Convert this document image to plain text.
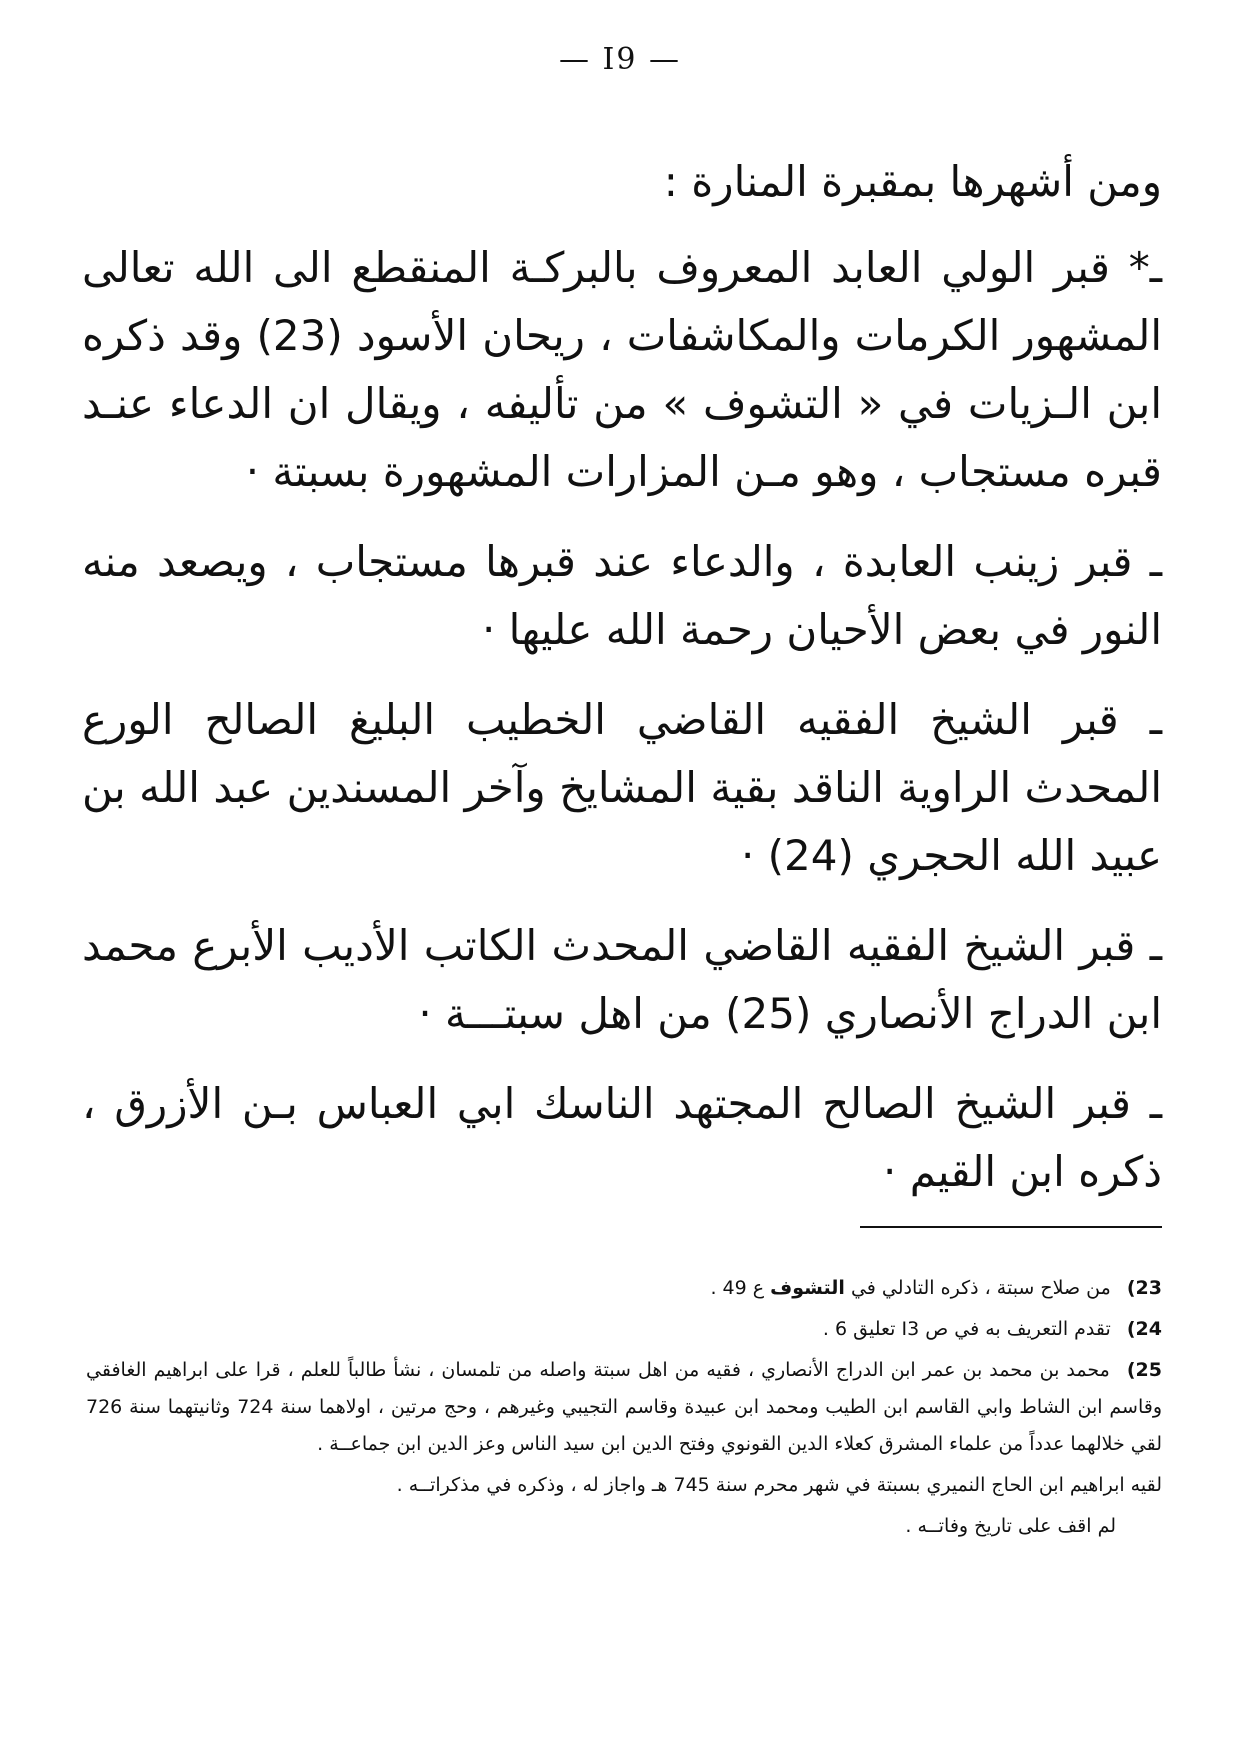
— I9 —

ومن أشهرها بمقبرة المنارة :

ـ* قبر الولي العابد المعروف بالبركـة المنقطع الى الله تعالى المشهور الكرمات والمكاشفات ، ريحان الأسود (23) وقد ذكره ابن الـزيات في « التشوف » من تأليفه ، ويقال ان الدعاء عنـد قبره مستجاب ، وهو مـن المزارات المشهورة بسبتة ·

ـ قبر زينب العابدة ، والدعاء عند قبرها مستجاب ، ويصعد منه النور في بعض الأحيان رحمة الله عليها ·

ـ قبر الشيخ الفقيه القاضي الخطيب البليغ الصالح الورع المحدث الراوية الناقد بقية المشايخ وآخر المسندين عبد الله بن عبيد الله الحجري (24) ·

ـ قبر الشيخ الفقيه القاضي المحدث الكاتب الأديب الأبرع محمد ابن الدراج الأنصاري (25) من اهل سبتـــة ·

ـ قبر الشيخ الصالح المجتهد الناسك ابي العباس بـن الأزرق ، ذكره ابن القيم ·

23) من صلاح سبتة ، ذكره التادلي في التشوف ع 49 .

24) تقدم التعريف به في ص I3 تعليق 6 .

25) محمد بن محمد بن عمر ابن الدراج الأنصاري ، فقيه من اهل سبتة واصله من تلمسان ، نشأ طالباً للعلم ، قرا على ابراهيم الغافقي وقاسم ابن الشاط وابي القاسم ابن الطيب ومحمد ابن عبيدة وقاسم التجيبي وغيرهم ، وحج مرتين ، اولاهما سنة 724 وثانيتهما سنة 726 لقي خلالهما عدداً من علماء المشرق كعلاء الدين القونوي وفتح الدين ابن سيد الناس وعز الدين ابن جماعــة .

لقيه ابراهيم ابن الحاج النميري بسبتة في شهر محرم سنة 745 هـ واجاز له ، وذكره في مذكراتــه .

لم اقف على تاريخ وفاتــه .
